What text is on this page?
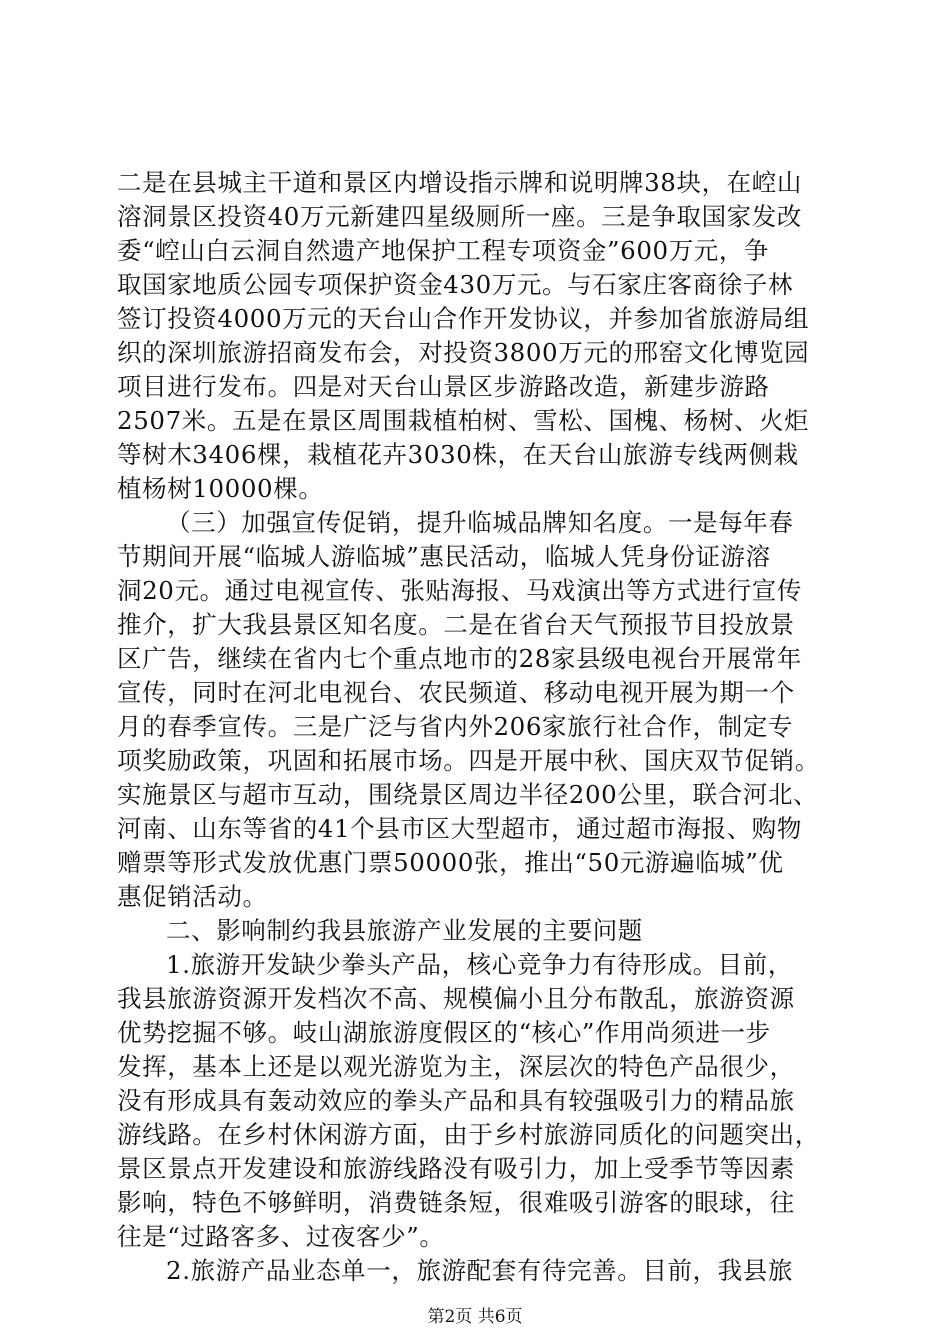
二是在县城主干道和景区内增设指示牌和说明牌38块，在崆山
溶洞景区投资40万元新建四星级厕所一座。三是争取国家发改
委“崆山白云洞自然遗产地保护工程专项资金”600万元，争
取国家地质公园专项保护资金430万元。与石家庄客商徐子林
签订投资4000万元的天台山合作开发协议，并参加省旅游局组
织的深圳旅游招商发布会，对投资3800万元的邢窑文化博览园
项目进行发布。四是对天台山景区步游路改造，新建步游路
2507米。五是在景区周围栽植柏树、雪松、国槐、杨树、火炬
等树木3406棵，栽植花卉3030株，在天台山旅游专线两侧栽
植杨树10000棵。
（三）加强宣传促销，提升临城品牌知名度。一是每年春
节期间开展“临城人游临城”惠民活动，临城人凭身份证游溶
洞20元。通过电视宣传、张贴海报、马戏演出等方式进行宣传
推介，扩大我县景区知名度。二是在省台天气预报节目投放景
区广告，继续在省内七个重点地市的28家县级电视台开展常年
宣传，同时在河北电视台、农民频道、移动电视开展为期一个
月的春季宣传。三是广泛与省内外206家旅行社合作，制定专
项奖励政策，巩固和拓展市场。四是开展中秋、国庆双节促销。
实施景区与超市互动，围绕景区周边半径200公里，联合河北、
河南、山东等省的41个县市区大型超市，通过超市海报、购物
赠票等形式发放优惠门票50000张，推出“50元游遍临城”优
惠促销活动。
二、影响制约我县旅游产业发展的主要问题
1.旅游开发缺少拳头产品，核心竞争力有待形成。目前，
我县旅游资源开发档次不高、规模偏小且分布散乱，旅游资源
优势挖掘不够。岐山湖旅游度假区的“核心”作用尚须进一步
发挥，基本上还是以观光游览为主，深层次的特色产品很少，
没有形成具有轰动效应的拳头产品和具有较强吸引力的精品旅
游线路。在乡村休闲游方面，由于乡村旅游同质化的问题突出，
景区景点开发建设和旅游线路没有吸引力，加上受季节等因素
影响，特色不够鲜明，消费链条短，很难吸引游客的眼球，往
往是“过路客多、过夜客少”。
2.旅游产品业态单一，旅游配套有待完善。目前，我县旅
第2页 共6页
